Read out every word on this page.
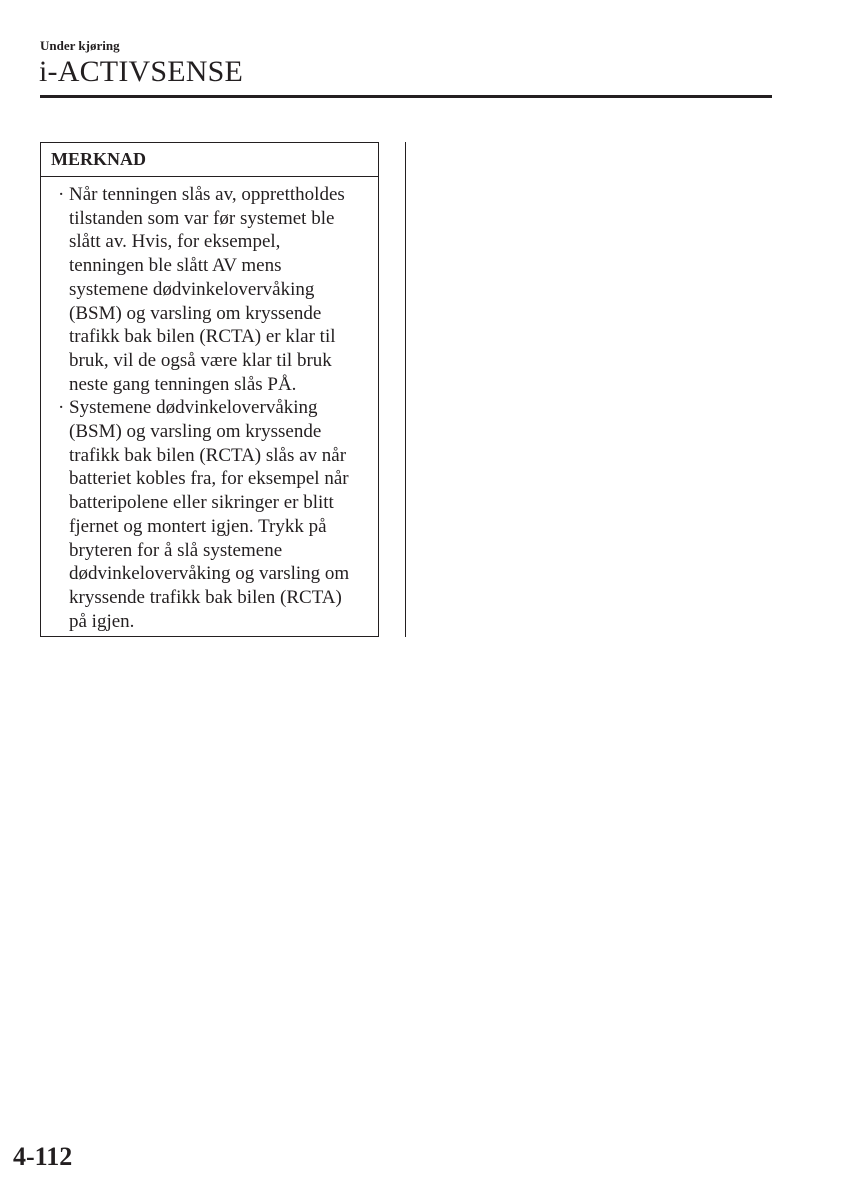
Under kjøring
i-ACTIVSENSE
MERKNAD
· Når tenningen slås av, opprettholdes
tilstanden som var før systemet ble
slått av. Hvis, for eksempel,
tenningen ble slått AV mens
systemene dødvinkelovervåking
(BSM) og varsling om kryssende
trafikk bak bilen (RCTA) er klar til
bruk, vil de også være klar til bruk
neste gang tenningen slås PÅ.
· Systemene dødvinkelovervåking
(BSM) og varsling om kryssende
trafikk bak bilen (RCTA) slås av når
batteriet kobles fra, for eksempel når
batteripolene eller sikringer er blitt
fjernet og montert igjen. Trykk på
bryteren for å slå systemene
dødvinkelovervåking og varsling om
kryssende trafikk bak bilen (RCTA)
på igjen.
4-112
